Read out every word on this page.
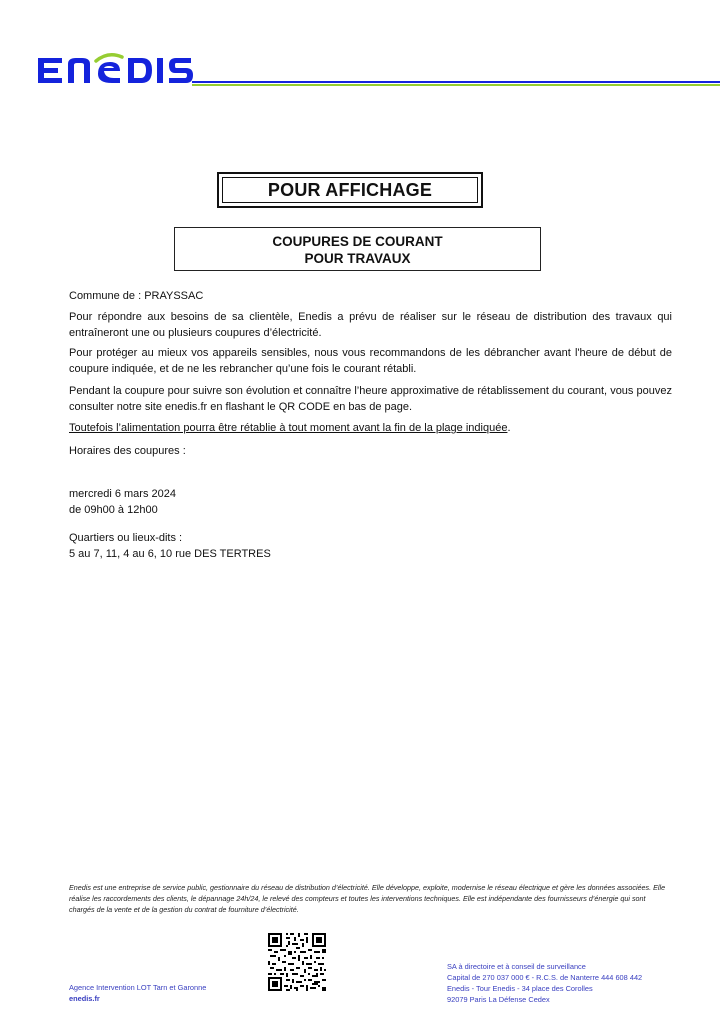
POUR AFFICHAGE
COUPURES DE COURANT
POUR TRAVAUX

Commune de : PRAYSSAC

Pour répondre aux besoins de sa clientèle, Enedis a prévu de réaliser sur le réseau de distribution des travaux qui entraîneront une ou plusieurs coupures d’électricité.

Pour protéger au mieux vos appareils sensibles, nous vous recommandons de les débrancher avant l'heure de début de coupure indiquée, et de ne les rebrancher qu’une fois le courant rétabli.

Pendant la coupure pour suivre son évolution et connaître l’heure approximative de rétablissement du courant, vous pouvez consulter notre site enedis.fr en flashant le QR CODE en bas de page.

Toutefois l’alimentation pourra être rétablie à tout moment avant la fin de la plage indiquée.

Horaires des coupures :

mercredi 6 mars 2024

de 09h00 à 12h00

Quartiers ou lieux-dits :

5 au 7, 11, 4 au 6, 10 rue DES TERTRES

Enedis est une entreprise de service public, gestionnaire du réseau de distribution d’électricité. Elle développe, exploite, modernise le réseau électrique et gère les données associées. Elle réalise les raccordements des clients, le dépannage 24h/24, le relevé des compteurs et toutes les interventions techniques. Elle est indépendante des fournisseurs d’énergie qui sont chargés de la vente et de la gestion du contrat de fourniture d’électricité.
Agence Intervention LOT Tarn et Garonne
enedis.fr
SA à directoire et à conseil de surveillance
Capital de 270 037 000 € - R.C.S. de Nanterre 444 608 442
Enedis - Tour Enedis - 34 place des Corolles
92079 Paris La Défense Cedex
